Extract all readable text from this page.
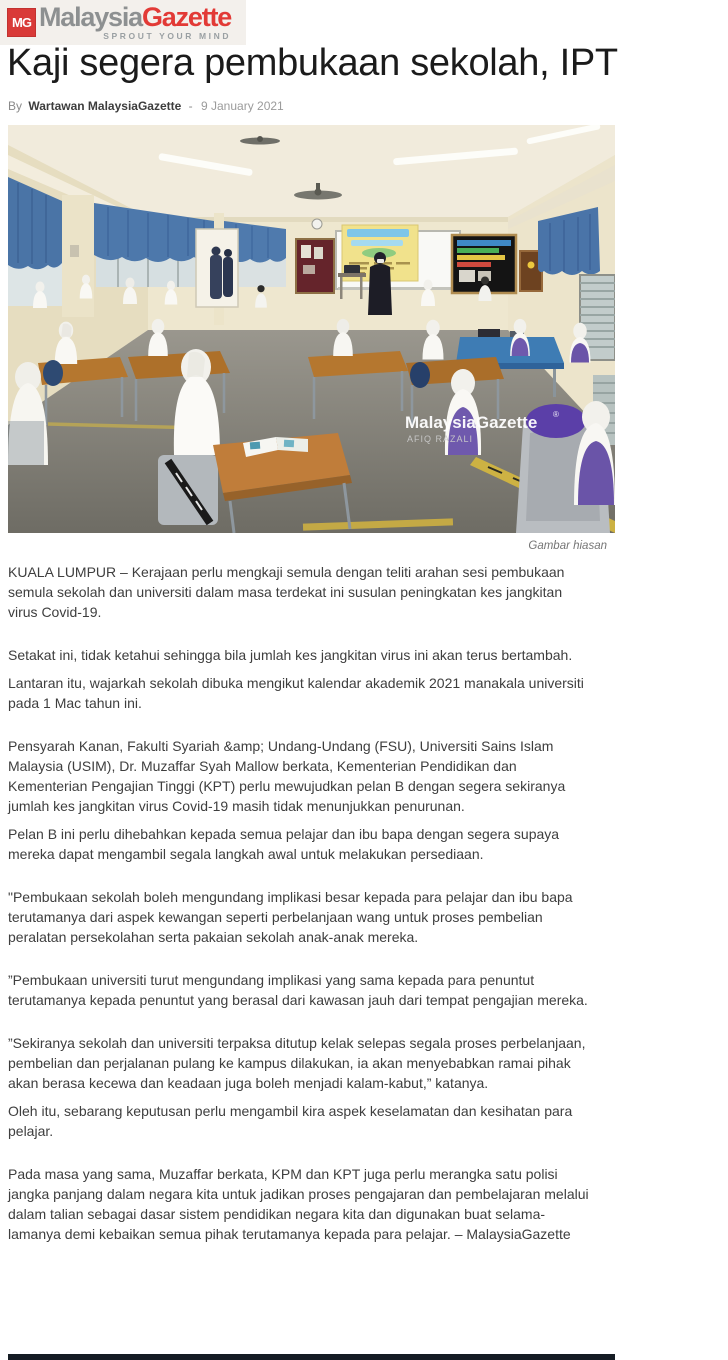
MG MalaysiaGazette
SPROUT YOUR MIND
Kaji segera pembukaan sekolah, IPT
By Wartawan MalaysiaGazette - 9 January 2021
MalaysiaGazette ®
AFIQ RAZALI
Gambar hiasan

KUALA LUMPUR – Kerajaan perlu mengkaji semula dengan teliti arahan sesi pembukaan semula sekolah dan universiti dalam masa terdekat ini susulan peningkatan kes jangkitan virus Covid-19.

Setakat ini, tidak ketahui sehingga bila jumlah kes jangkitan virus ini akan terus bertambah.

Lantaran itu, wajarkah sekolah dibuka mengikut kalendar akademik 2021 manakala universiti pada 1 Mac tahun ini.

Pensyarah Kanan, Fakulti Syariah &amp; Undang-Undang (FSU), Universiti Sains Islam Malaysia (USIM), Dr. Muzaffar Syah Mallow berkata, Kementerian Pendidikan dan Kementerian Pengajian Tinggi (KPT) perlu mewujudkan pelan B dengan segera sekiranya jumlah kes jangkitan virus Covid-19 masih tidak menunjukkan penurunan.

Pelan B ini perlu dihebahkan kepada semua pelajar dan ibu bapa dengan segera supaya mereka dapat mengambil segala langkah awal untuk melakukan persediaan.

"Pembukaan sekolah boleh mengundang implikasi besar kepada para pelajar dan ibu bapa terutamanya dari aspek kewangan seperti perbelanjaan wang untuk proses pembelian peralatan persekolahan serta pakaian sekolah anak-anak mereka.

”Pembukaan universiti turut mengundang implikasi yang sama kepada para penuntut terutamanya kepada penuntut yang berasal dari kawasan jauh dari tempat pengajian mereka.

”Sekiranya sekolah dan universiti terpaksa ditutup kelak selepas segala proses perbelanjaan, pembelian dan perjalanan pulang ke kampus dilakukan, ia akan menyebabkan ramai pihak akan berasa kecewa dan keadaan juga boleh menjadi kalam-kabut,” katanya.

Oleh itu, sebarang keputusan perlu mengambil kira aspek keselamatan dan kesihatan para pelajar.

Pada masa yang sama, Muzaffar berkata, KPM dan KPT juga perlu merangka satu polisi jangka panjang dalam negara kita untuk jadikan proses pengajaran dan pembelajaran melalui dalam talian sebagai dasar sistem pendidikan negara kita dan digunakan buat selama-lamanya demi kebaikan semua pihak terutamanya kepada para pelajar. – MalaysiaGazette
